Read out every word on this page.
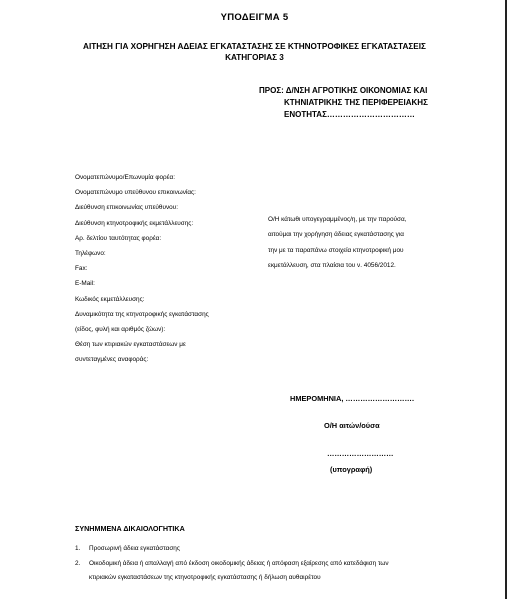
ΥΠΟΔΕΙΓΜΑ 5
ΑΙΤΗΣΗ ΓΙΑ ΧΟΡΗΓΗΣΗ ΑΔΕΙΑΣ ΕΓΚΑΤΑΣΤΑΣΗΣ ΣΕ ΚΤΗΝΟΤΡΟΦΙΚΕΣ ΕΓΚΑΤΑΣΤΑΣΕΙΣ
ΚΑΤΗΓΟΡΙΑΣ 3
ΠΡΟΣ: Δ/ΝΣΗ ΑΓΡΟΤΙΚΗΣ ΟΙΚΟΝΟΜΙΑΣ ΚΑΙ
ΚΤΗΝΙΑΤΡΙΚΗΣ ΤΗΣ ΠΕΡΙΦΕΡΕΙΑΚΗΣ
ΕΝΟΤΗΤΑΣ……………………………
Ονοματεπώνυμο/Επωνυμία φορέα:
Ονοματεπώνυμο υπεύθυνου επικοινωνίας:
Διεύθυνση επικοινωνίας υπεύθυνου:
Διεύθυνση κτηνοτροφικής εκμετάλλευσης:
Αρ. δελτίου ταυτότητας φορέα:
Τηλέφωνο:
Fax:
E-Mail:
Κωδικός εκμετάλλευσης:
Δυναμικότητα της κτηνοτροφικής εγκατάστασης
(είδος, φυλή και αριθμός ζώων):
Θέση των κτιριακών εγκαταστάσεων με
συντεταγμένες αναφοράς:
Ο/Η κάτωθι υπογεγραμμένος/η, με την παρούσα,
αιτούμαι την χορήγηση άδειας εγκατάστασης για
την με τα παραπάνω στοιχεία κτηνοτροφική μου
εκμετάλλευση, στα πλαίσια του ν. 4056/2012.
ΗΜΕΡΟΜΗΝΙΑ, ……………………….
Ο/Η αιτών/ούσα
………………………
(υπογραφή)
ΣΥΝΗΜΜΕΝΑ ΔΙΚΑΙΟΛΟΓΗΤΙΚΑ
1.	Προσωρινή άδεια εγκατάστασης
2.	Οικοδομική άδεια ή απαλλαγή από έκδοση οικοδομικής άδειας ή απόφαση εξαίρεσης από κατεδάφιση των
κτιριακών εγκαταστάσεων της κτηνοτροφικής εγκατάστασης ή δήλωση αυθαιρέτου
